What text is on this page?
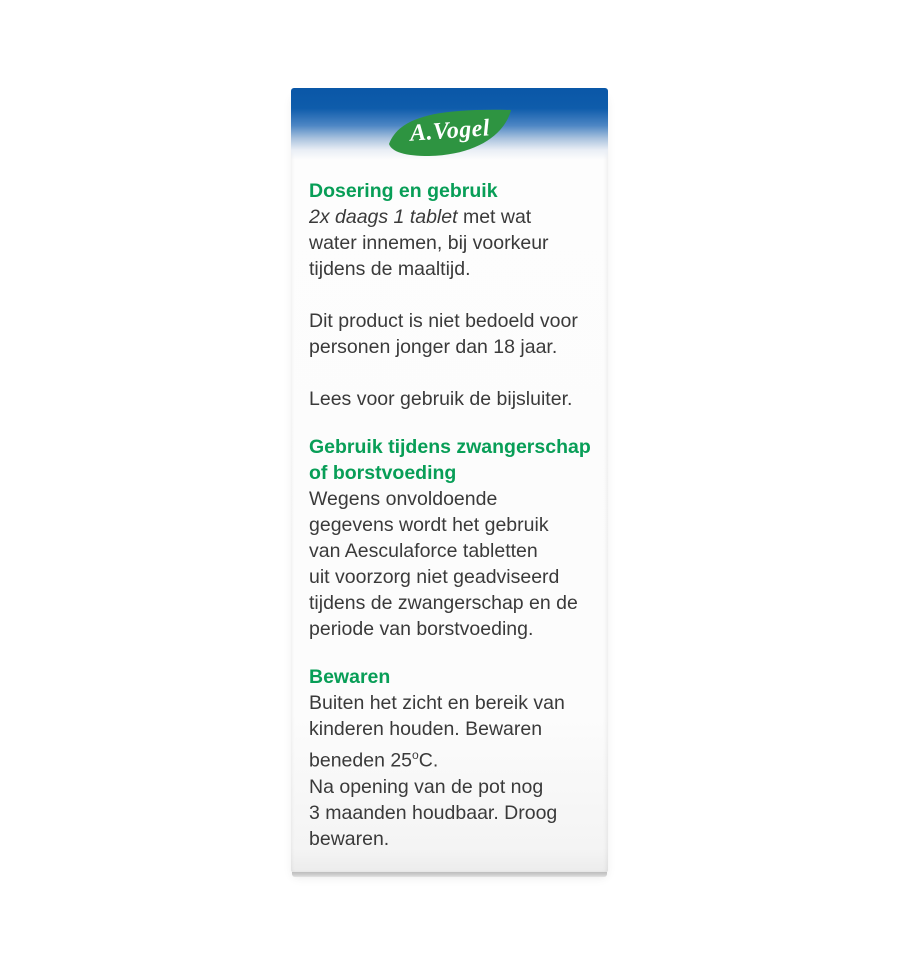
A.Vogel
Dosering en gebruik
2x daags 1 tablet met wat
water innemen, bij voorkeur
tijdens de maaltijd.
Dit product is niet bedoeld voor
personen jonger dan 18 jaar.
Lees voor gebruik de bijsluiter.
Gebruik tijdens zwangerschap
of borstvoeding
Wegens onvoldoende
gegevens wordt het gebruik
van Aesculaforce tabletten
uit voorzorg niet geadviseerd
tijdens de zwangerschap en de
periode van borstvoeding.
Bewaren
Buiten het zicht en bereik van
kinderen houden. Bewaren
beneden 25$^o$C.
Na opening van de pot nog
3 maanden houdbaar. Droog
bewaren.
